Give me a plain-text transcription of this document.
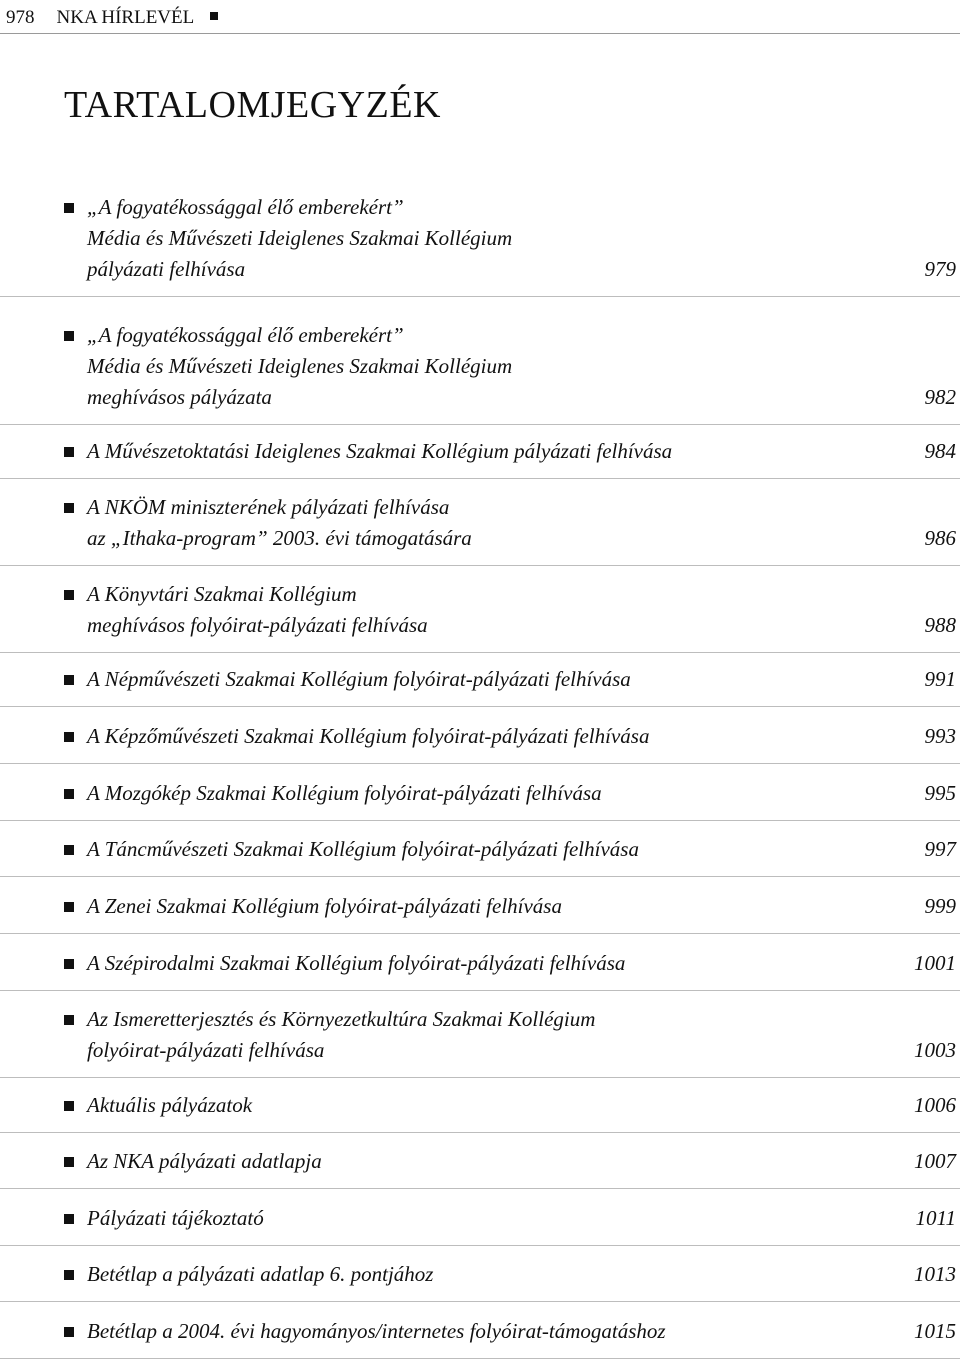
978 NKA HÍRLEVÉL
TARTALOMJEGYZÉK
„A fogyatékossággal élő emberekért”
Média és Művészeti Ideiglenes Szakmai Kollégium
pályázati felhívása	979
„A fogyatékossággal élő emberekért”
Média és Művészeti Ideiglenes Szakmai Kollégium
meghívásos pályázata	982
A Művészetoktatási Ideiglenes Szakmai Kollégium pályázati felhívása	984
A NKÖM miniszterének pályázati felhívása
az „Ithaka-program” 2003. évi támogatására	986
A Könyvtári Szakmai Kollégium
meghívásos folyóirat-pályázati felhívása	988
A Népművészeti Szakmai Kollégium folyóirat-pályázati felhívása	991
A Képzőművészeti Szakmai Kollégium folyóirat-pályázati felhívása	993
A Mozgókép Szakmai Kollégium folyóirat-pályázati felhívása	995
A Táncművészeti Szakmai Kollégium folyóirat-pályázati felhívása	997
A Zenei Szakmai Kollégium folyóirat-pályázati felhívása	999
A Szépirodalmi Szakmai Kollégium folyóirat-pályázati felhívása	1001
Az Ismeretterjesztés és Környezetkultúra Szakmai Kollégium
folyóirat-pályázati felhívása	1003
Aktuális pályázatok	1006
Az NKA pályázati adatlapja	1007
Pályázati tájékoztató	1011
Betétlap a pályázati adatlap 6. pontjához	1013
Betétlap a 2004. évi hagyományos/internetes folyóirat-támogatáshoz	1015
